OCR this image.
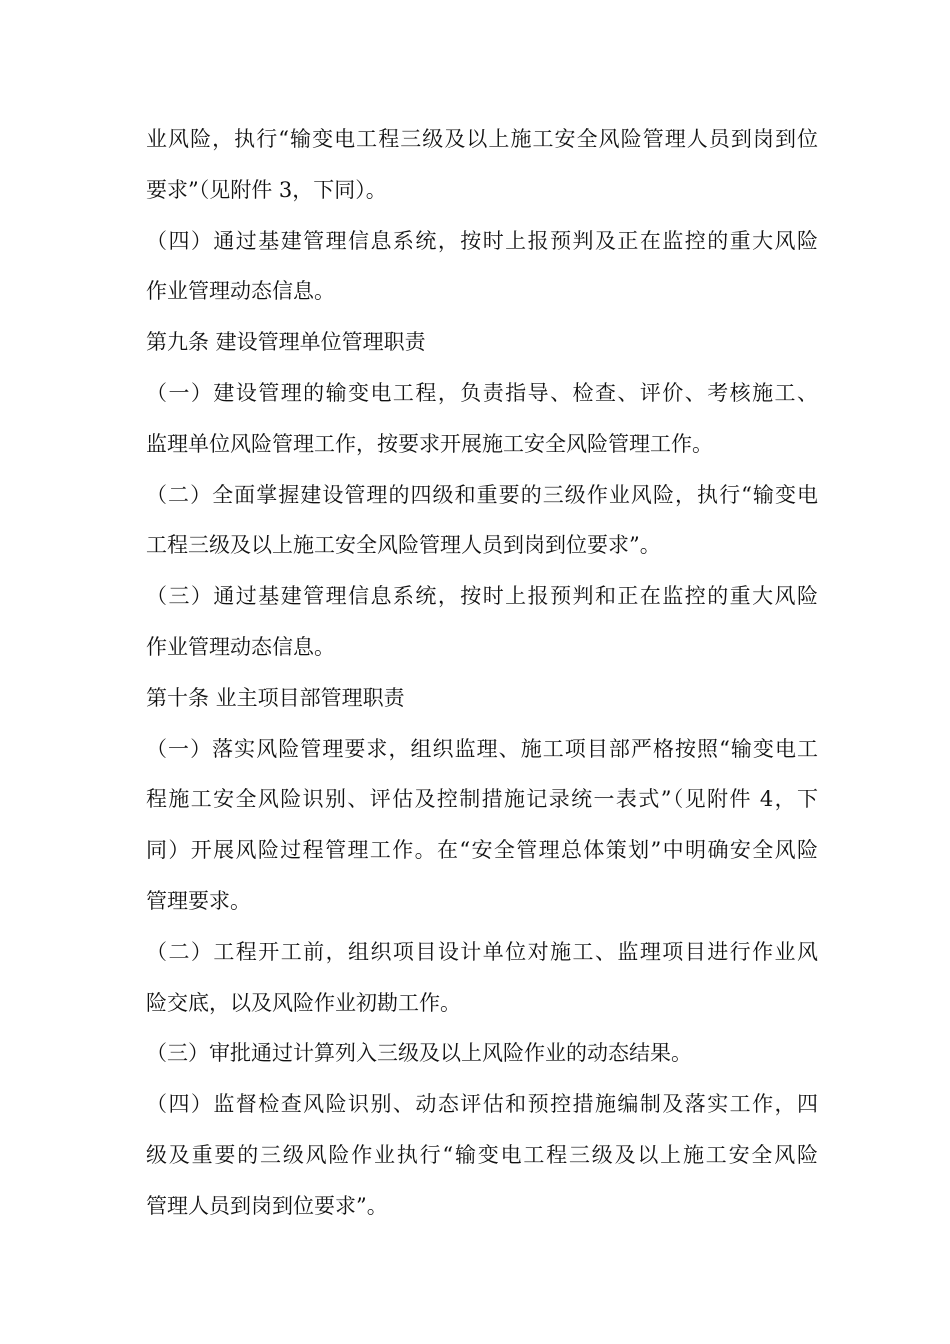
业风险，执行“输变电工程三级及以上施工安全风险管理人员到岗到位
要求”（见附件 3，下同）。
（四）通过基建管理信息系统，按时上报预判及正在监控的重大风险
作业管理动态信息。
第九条 建设管理单位管理职责
（一）建设管理的输变电工程，负责指导、检查、评价、考核施工、
监理单位风险管理工作，按要求开展施工安全风险管理工作。
（二）全面掌握建设管理的四级和重要的三级作业风险，执行“输变电
工程三级及以上施工安全风险管理人员到岗到位要求”。
（三）通过基建管理信息系统，按时上报预判和正在监控的重大风险
作业管理动态信息。
第十条 业主项目部管理职责
（一）落实风险管理要求，组织监理、施工项目部严格按照“输变电工
程施工安全风险识别、评估及控制措施记录统一表式”（见附件 4，下
同）开展风险过程管理工作。在“安全管理总体策划”中明确安全风险
管理要求。
（二）工程开工前，组织项目设计单位对施工、监理项目进行作业风
险交底，以及风险作业初勘工作。
（三）审批通过计算列入三级及以上风险作业的动态结果。
（四）监督检查风险识别、动态评估和预控措施编制及落实工作，四
级及重要的三级风险作业执行“输变电工程三级及以上施工安全风险
管理人员到岗到位要求”。
